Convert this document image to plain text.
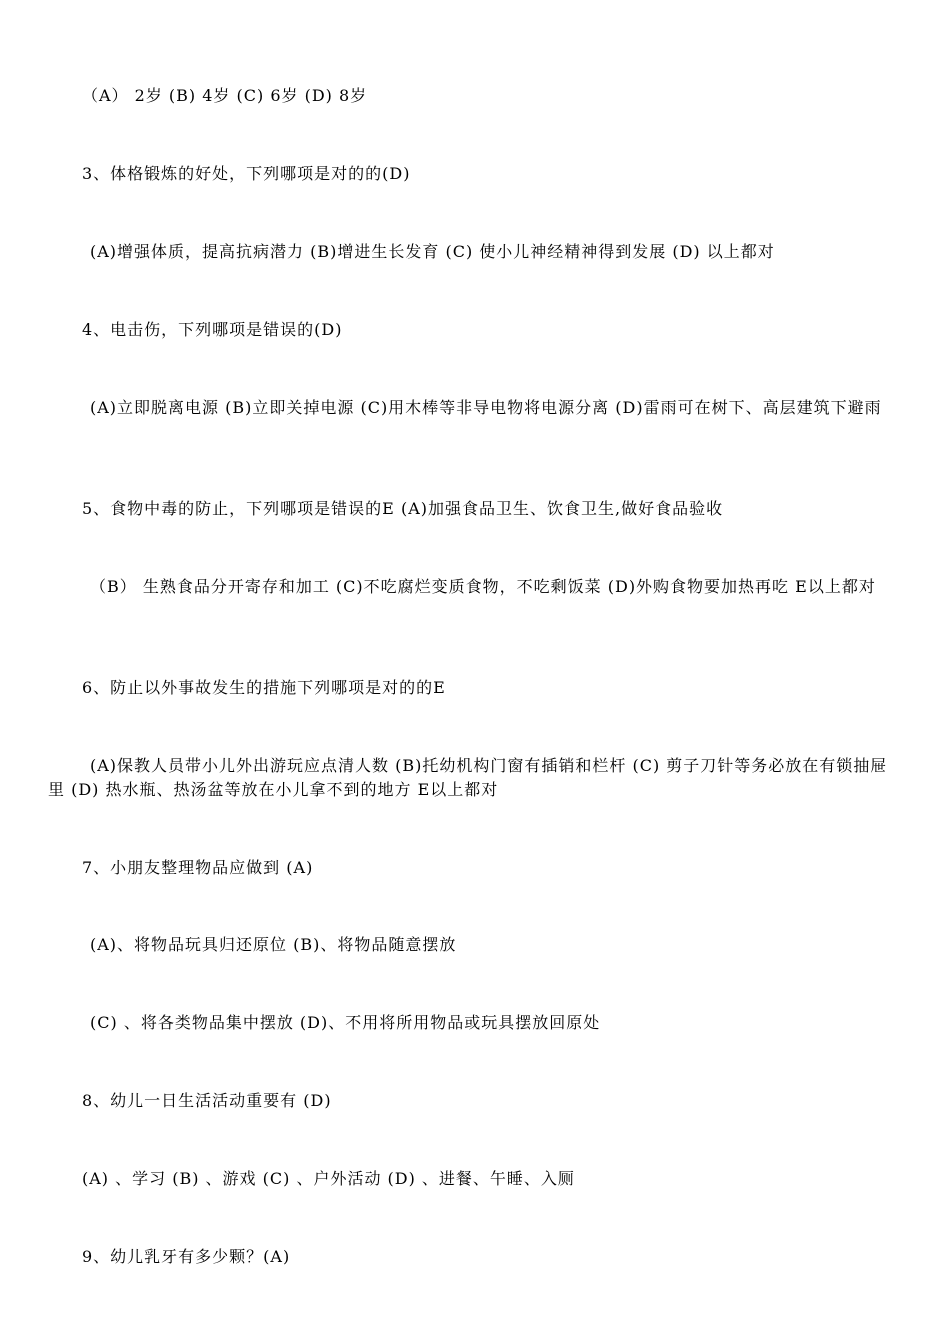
（A） 2岁 (B) 4岁 (C) 6岁 (D) 8岁
3、体格锻炼的好处，下列哪项是对的的(D)
(A)增强体质，提高抗病潜力 (B)增进生长发育 (C) 使小儿神经精神得到发展 (D) 以上都对
4、电击伤，下列哪项是错误的(D)
(A)立即脱离电源 (B)立即关掉电源 (C)用木棒等非导电物将电源分离 (D)雷雨可在树下、高层建筑下避雨
5、食物中毒的防止，下列哪项是错误的E (A)加强食品卫生、饮食卫生,做好食品验收
（B） 生熟食品分开寄存和加工 (C)不吃腐烂变质食物，不吃剩饭菜 (D)外购食物要加热再吃 E以上都对
6、防止以外事故发生的措施下列哪项是对的的E
(A)保教人员带小儿外出游玩应点清人数 (B)托幼机构门窗有插销和栏杆 (C) 剪子刀针等务必放在有锁抽屉里 (D) 热水瓶、热汤盆等放在小儿拿不到的地方 E以上都对
7、小朋友整理物品应做到 (A)
(A)、将物品玩具归还原位 (B)、将物品随意摆放
(C) 、将各类物品集中摆放 (D)、不用将所用物品或玩具摆放回原处
8、幼儿一日生活活动重要有 (D)
(A) 、学习 (B) 、游戏 (C) 、户外活动 (D) 、进餐、午睡、入厕
9、幼儿乳牙有多少颗？(A)
